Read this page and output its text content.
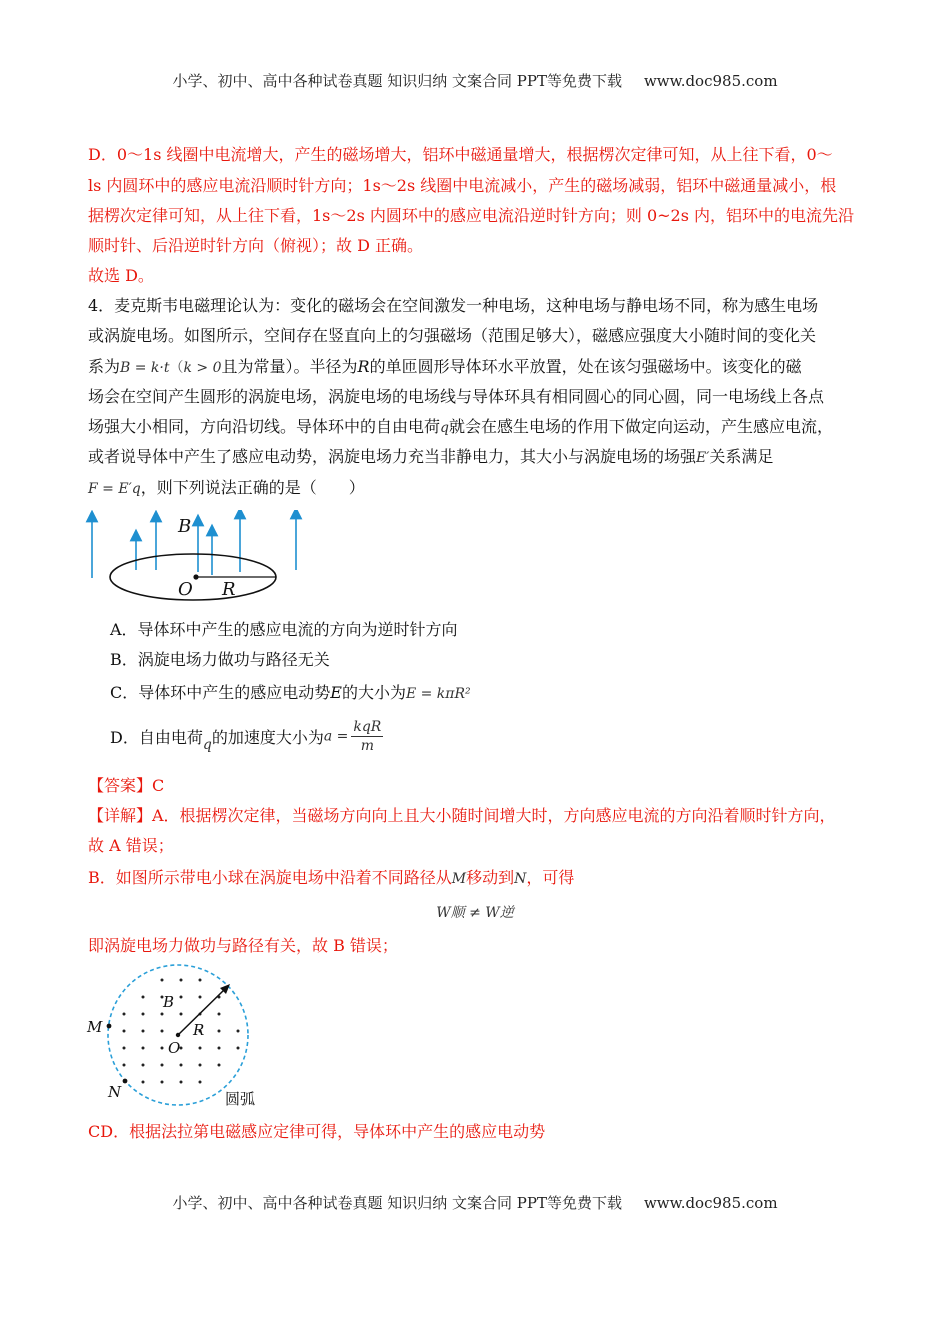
小学、初中、高中各种试卷真题 知识归纳 文案合同 PPT等免费下载 www.doc985.com
D．0～1s 线圈中电流增大，产生的磁场增大，铝环中磁通量增大，根据楞次定律可知，从上往下看，0～
ls 内圆环中的感应电流沿顺时针方向；1s～2s 线圈中电流减小，产生的磁场减弱，铝环中磁通量减小，根
据楞次定律可知，从上往下看，1s～2s 内圆环中的感应电流沿逆时针方向；则 0~2s 内，铝环中的电流先沿
顺时针、后沿逆时针方向（俯视）；故 D 正确。
故选 D。
4．麦克斯韦电磁理论认为：变化的磁场会在空间激发一种电场，这种电场与静电场不同，称为感生电场
或涡旋电场。如图所示，空间存在竖直向上的匀强磁场（范围足够大），磁感应强度大小随时间的变化关
系为B = k·t（k > 0且为常量）。半径为R的单匝圆形导体环水平放置，处在该匀强磁场中。该变化的磁
场会在空间产生圆形的涡旋电场，涡旋电场的电场线与导体环具有相同圆心的同心圆，同一电场线上各点
场强大小相同，方向沿切线。导体环中的自由电荷q就会在感生电场的作用下做定向运动，产生感应电流，
或者说导体中产生了感应电动势，涡旋电场力充当非静电力，其大小与涡旋电场的场强E′关系满足
F = E′q，则下列说法正确的是（　　）
B
O R
A．导体环中产生的感应电流的方向为逆时针方向
B．涡旋电场力做功与路径无关
C．导体环中产生的感应电动势E的大小为E = kπR²
D．自由电荷q的加速度大小为a =
kqR
m
【答案】C
【详解】A．根据楞次定律，当磁场方向向上且大小随时间增大时，方向感应电流的方向沿着顺时针方向，
故 A 错误；
B．如图所示带电小球在涡旋电场中沿着不同路径从M移动到N，可得
W顺 ≠ W逆
即涡旋电场力做功与路径有关，故 B 错误；
M
N
B
O
R
圆弧
CD．根据法拉第电磁感应定律可得，导体环中产生的感应电动势
小学、初中、高中各种试卷真题 知识归纳 文案合同 PPT等免费下载 www.doc985.com
